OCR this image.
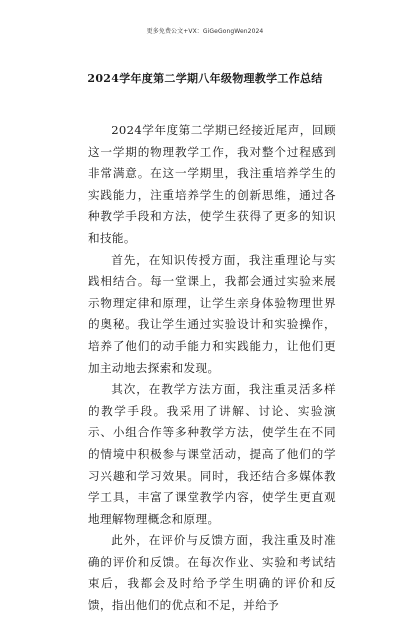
更多免费公文+VX：GiGeGongWen2024
2024学年度第二学期八年级物理教学工作总结

2024学年度第二学期已经接近尾声，回顾这一学期的物理教学工作，我对整个过程感到非常满意。在这一学期里，我注重培养学生的实践能力，注重培养学生的创新思维，通过各种教学手段和方法，使学生获得了更多的知识和技能。

首先，在知识传授方面，我注重理论与实践相结合。每一堂课上，我都会通过实验来展示物理定律和原理，让学生亲身体验物理世界的奥秘。我让学生通过实验设计和实验操作，培养了他们的动手能力和实践能力，让他们更加主动地去探索和发现。

其次，在教学方法方面，我注重灵活多样的教学手段。我采用了讲解、讨论、实验演示、小组合作等多种教学方法，使学生在不同的情境中积极参与课堂活动，提高了他们的学习兴趣和学习效果。同时，我还结合多媒体教学工具，丰富了课堂教学内容，使学生更直观地理解物理概念和原理。

此外，在评价与反馈方面，我注重及时准确的评价和反馈。在每次作业、实验和考试结束后，我都会及时给予学生明确的评价和反馈，指出他们的优点和不足，并给予
